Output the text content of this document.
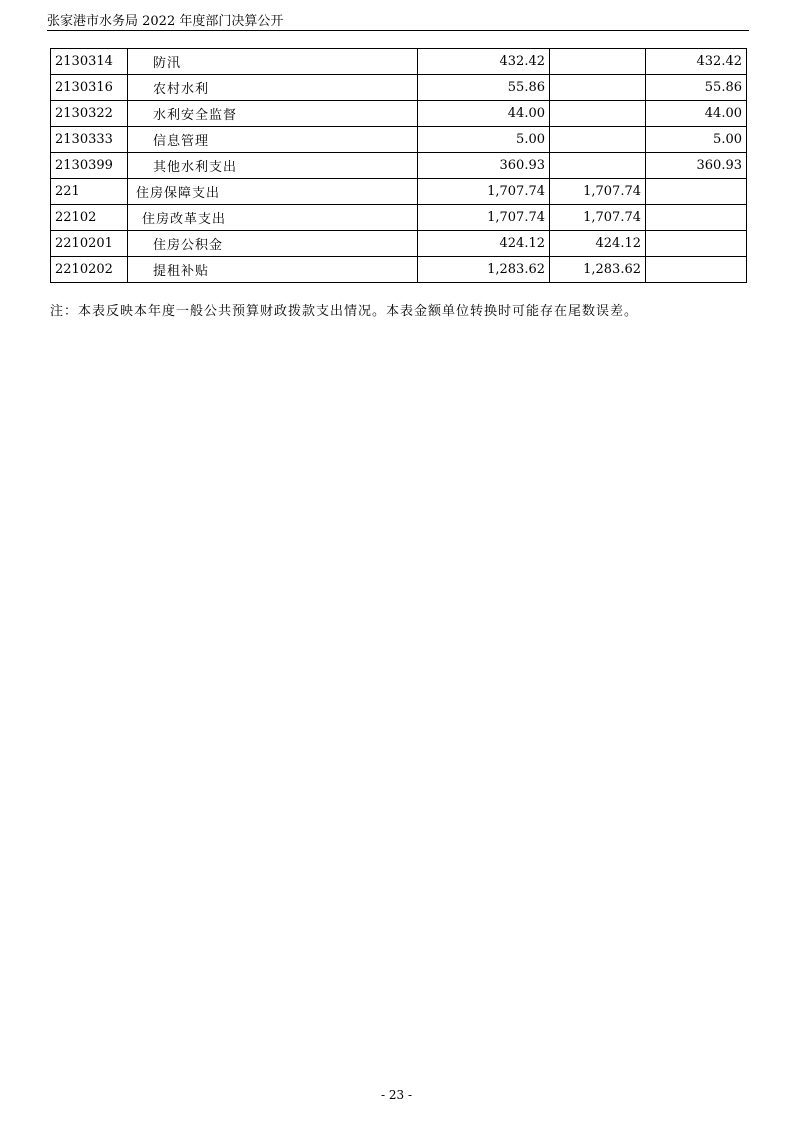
张家港市水务局 2022 年度部门决算公开
2130314	防汛	432.42		432.42
2130316	农村水利	55.86		55.86
2130322	水利安全监督	44.00		44.00
2130333	信息管理	5.00		5.00
2130399	其他水利支出	360.93		360.93
221	住房保障支出	1,707.74	1,707.74	
22102	住房改革支出	1,707.74	1,707.74	
2210201	住房公积金	424.12	424.12	
2210202	提租补贴	1,283.62	1,283.62	
注：本表反映本年度一般公共预算财政拨款支出情况。本表金额单位转换时可能存在尾数误差。
- 23 -
